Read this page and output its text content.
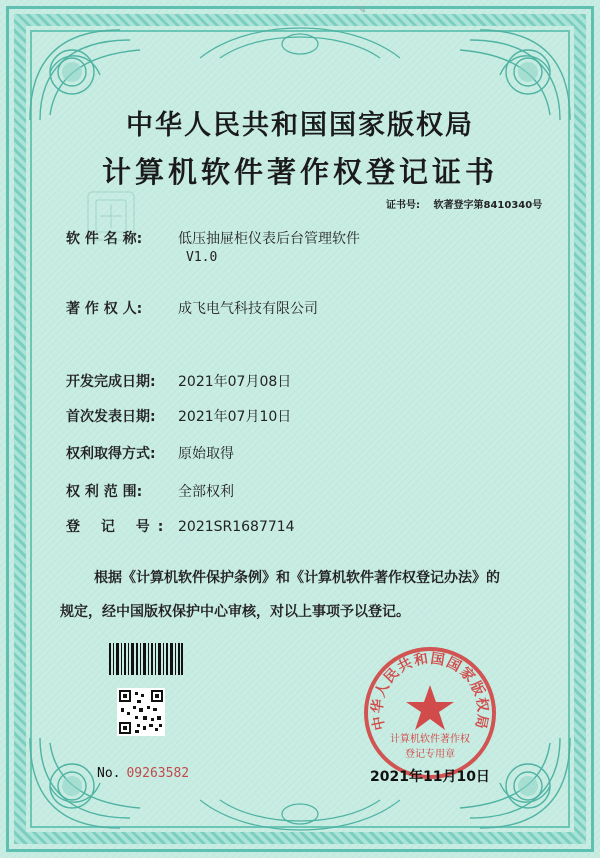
✎
中华人民共和国国家版权局
计算机软件著作权登记证书
证书号: 软著登字第8410340号
软 件 名 称:	低压抽屉柜仪表后台管理软件
V1.0
著 作 权 人:	成飞电气科技有限公司
开发完成日期: 2021年07月08日
首次发表日期: 2021年07月10日
权利取得方式: 原始取得
权 利 范 围:	全部权利
登 记 号: 2021SR1687714
根据《计算机软件保护条例》和《计算机软件著作权登记办法》的
规定，经中国版权保护中心审核，对以上事项予以登记。
No. 09263582
中华人民共和国国家版权局
计算机软件著作权
登记专用章
2021年11月10日
